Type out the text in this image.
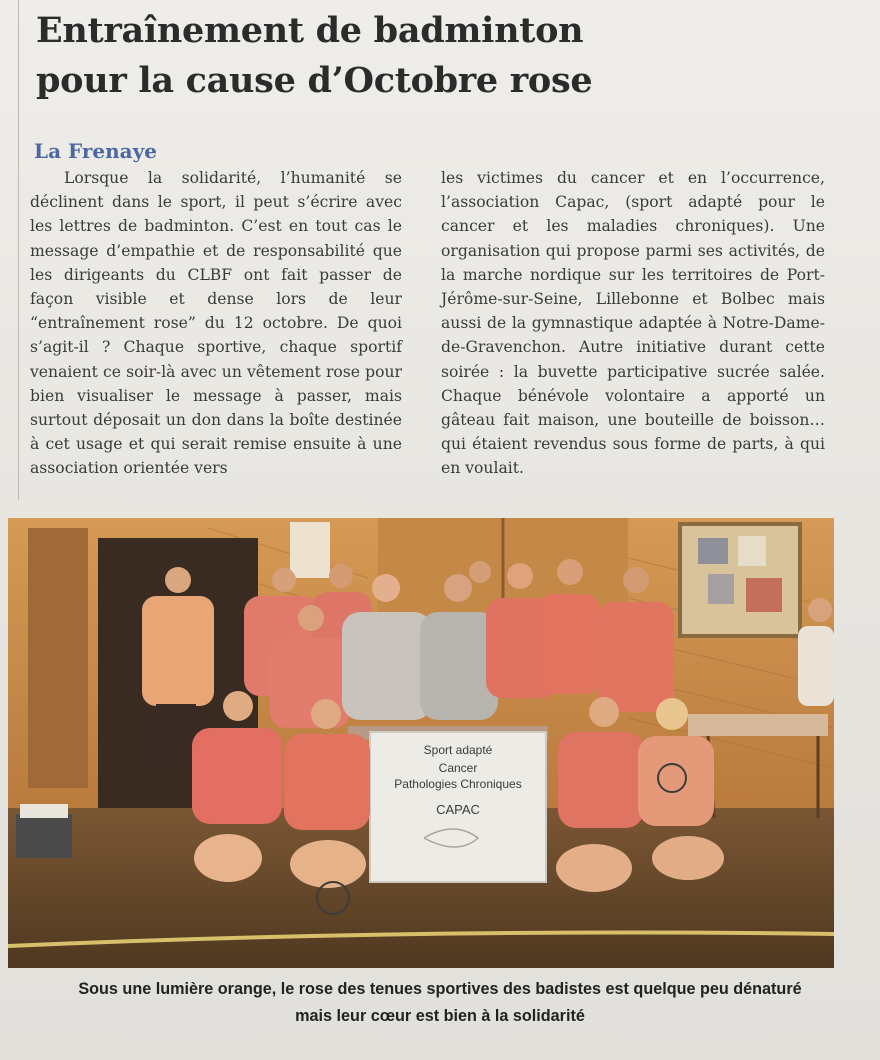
Entraînement de badminton
pour la cause d’Octobre rose

La Frenaye

Lorsque la solidarité, l’humanité se déclinent dans le sport, il peut s’écrire avec les lettres de badminton. C’est en tout cas le message d’empathie et de responsabilité que les dirigeants du CLBF ont fait passer de façon visible et dense lors de leur “entraînement rose” du 12 octobre. De quoi s’agit-il ? Chaque sportive, chaque sportif venaient ce soir-là avec un vêtement rose pour bien visualiser le message à passer, mais surtout déposait un don dans la boîte destinée à cet usage et qui serait remise ensuite à une association orientée vers

les victimes du cancer et en l’occurrence, l’association Capac, (sport adapté pour le cancer et les maladies chroniques). Une organisation qui propose parmi ses activités, de la marche nordique sur les territoires de Port-Jérôme-sur-Seine, Lillebonne et Bolbec mais aussi de la gymnastique adaptée à Notre-Dame-de-Gravenchon. Autre initiative durant cette soirée : la buvette participative sucrée salée. Chaque bénévole volontaire a apporté un gâteau fait maison, une bouteille de boisson… qui étaient revendus sous forme de parts, à qui en voulait.

Sport adapté
Cancer
Pathologies Chroniques
CAPAC

Sous une lumière orange, le rose des tenues sportives des badistes est quelque peu dénaturé
mais leur cœur est bien à la solidarité
